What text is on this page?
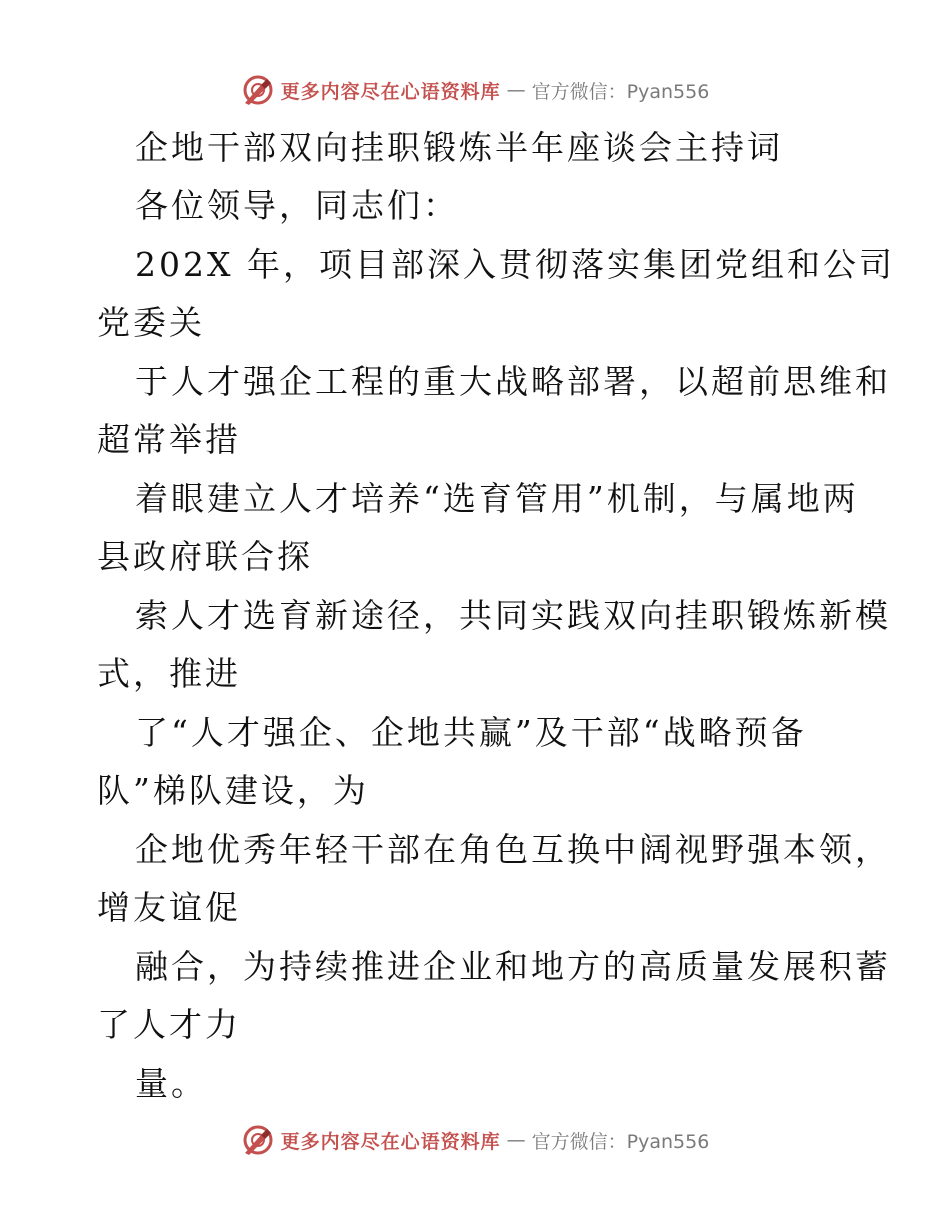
更多内容尽在心语资料库 — 官方微信：Pyan556
企地干部双向挂职锻炼半年座谈会主持词
各位领导，同志们：
202X 年，项目部深入贯彻落实集团党组和公司
党委关
于人才强企工程的重大战略部署，以超前思维和
超常举措
着眼建立人才培养“选育管用”机制，与属地两
县政府联合探
索人才选育新途径，共同实践双向挂职锻炼新模
式，推进
了“人才强企、企地共赢”及干部“战略预备
队”梯队建设，为
企地优秀年轻干部在角色互换中阔视野强本领，
增友谊促
融合，为持续推进企业和地方的高质量发展积蓄
了人才力
量。
更多内容尽在心语资料库 — 官方微信：Pyan556
